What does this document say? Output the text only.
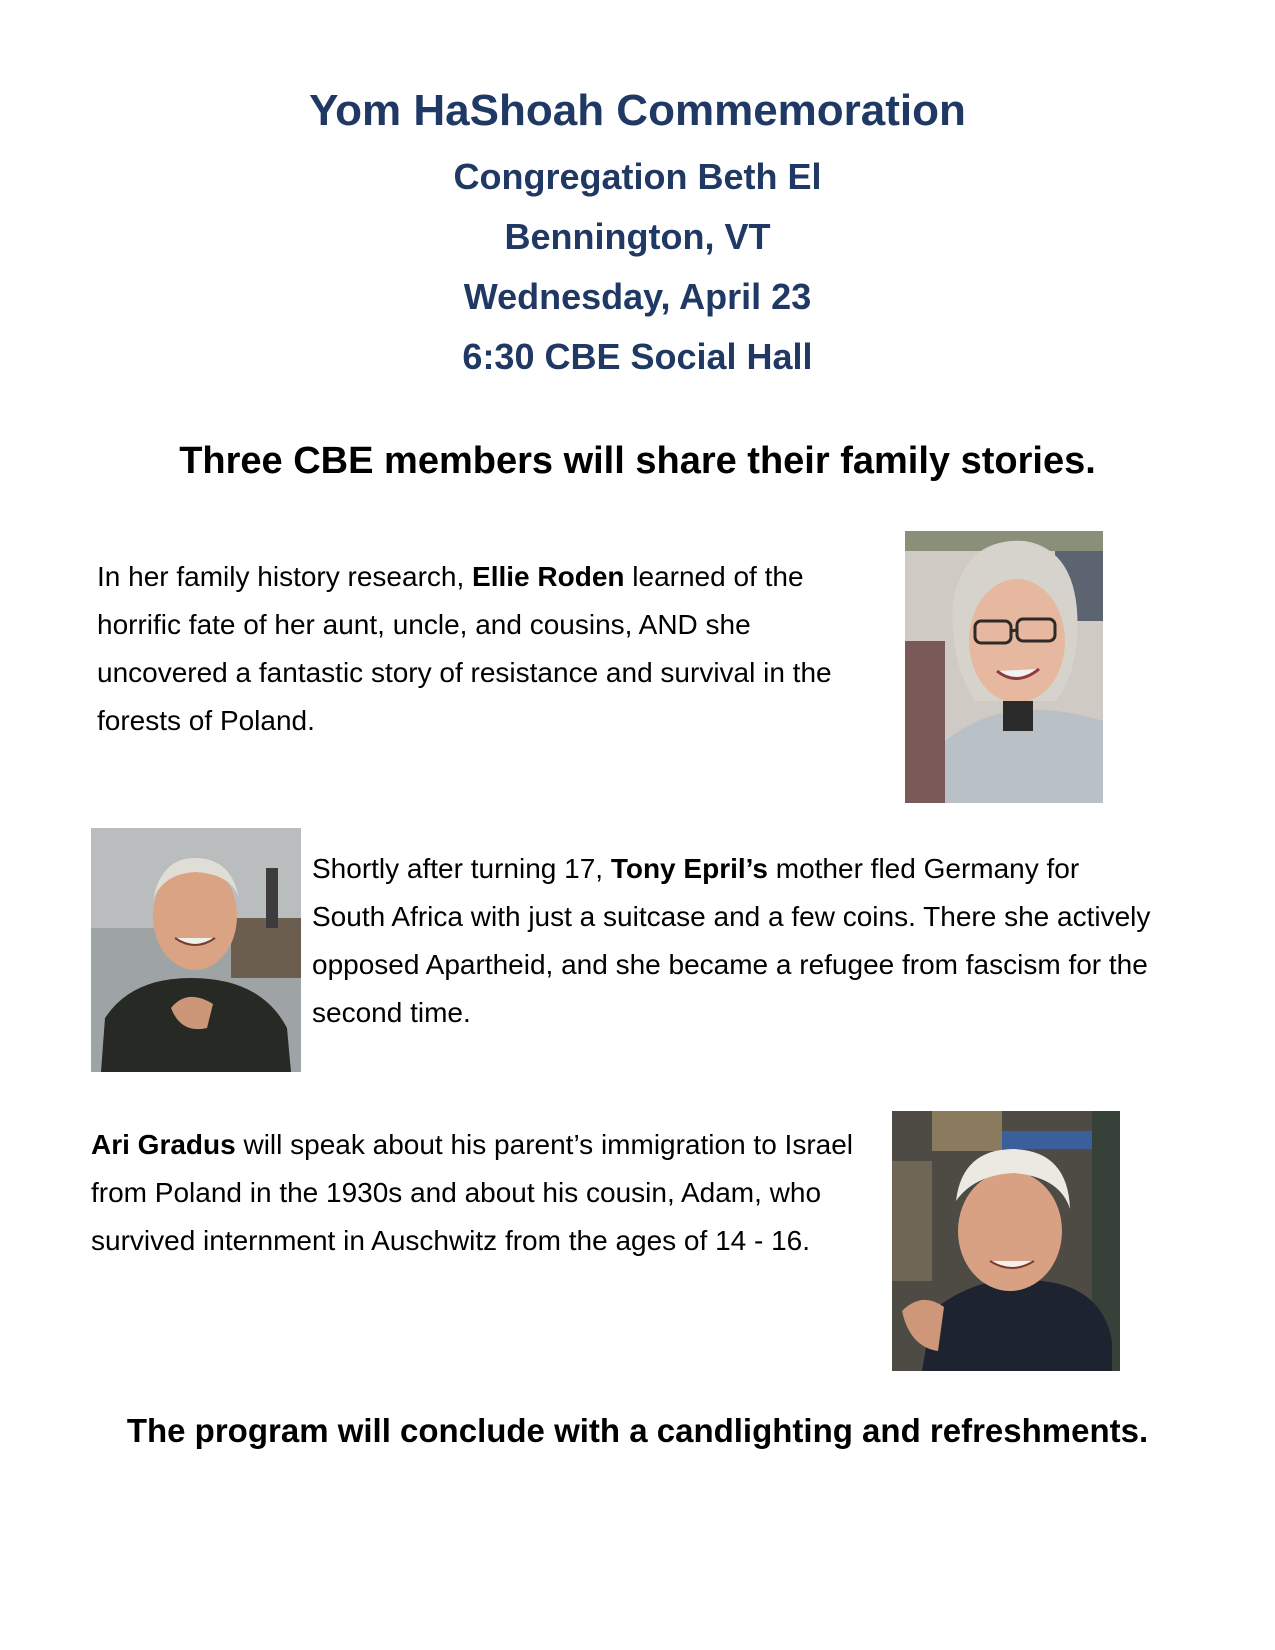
Yom HaShoah Commemoration
Congregation Beth El
Bennington, VT
Wednesday, April 23
6:30 CBE Social Hall
Three CBE members will share their family stories.

In her family history research, Ellie Roden learned of the horrific fate of her aunt, uncle, and cousins, AND she uncovered a fantastic story of resistance and survival in the forests of Poland.

Shortly after turning 17, Tony Epril’s mother fled Germany for South Africa with just a suitcase and a few coins. There she actively opposed Apartheid, and she became a refugee from fascism for the second time.

Ari Gradus will speak about his parent’s immigration to Israel from Poland in the 1930s and about his cousin, Adam, who survived internment in Auschwitz from the ages of 14 - 16.

The program will conclude with a candlighting and refreshments.
